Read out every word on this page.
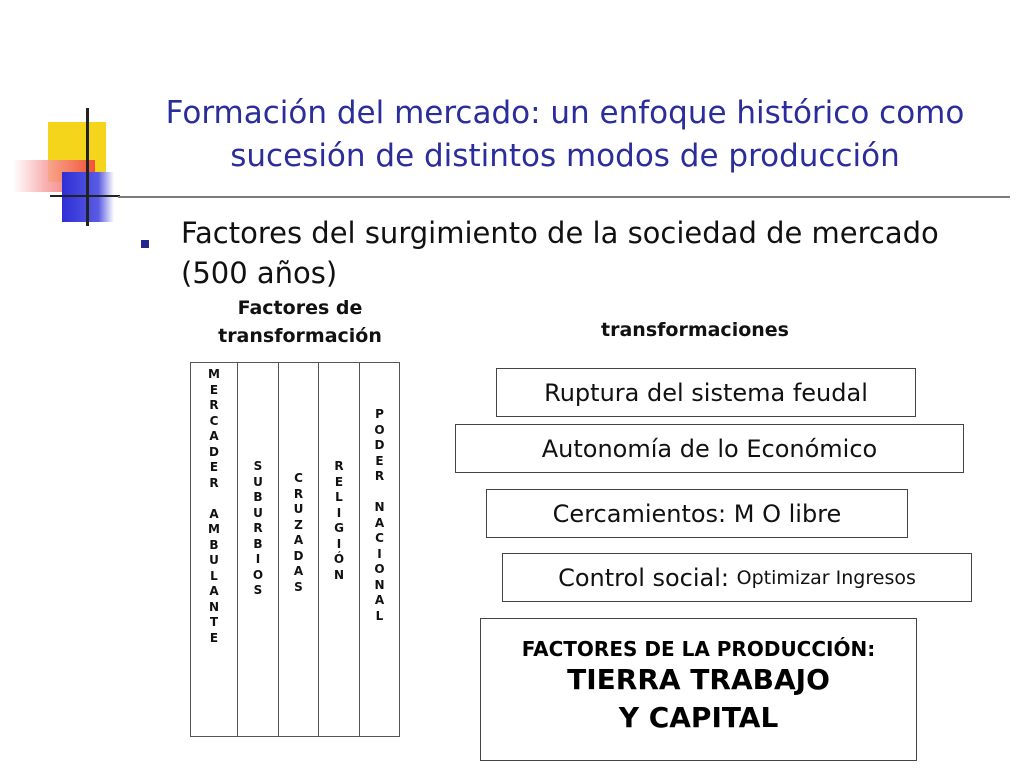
Formación del mercado: un enfoque histórico como sucesión de distintos modos de producción
Factores del surgimiento de la sociedad de mercado (500 años)
Factores de transformación	transformaciones
M
E
R
C
A
D
E
R

A
M
B
U
L
A
N
T
E
S
U
B
U
R
B
I
O
S
C
R
U
Z
A
D
A
S
R
E
L
I
G
I
Ó
N
P
O
D
E
R

N
A
C
I
O
N
A
L
Ruptura del sistema feudal
Autonomía de lo Económico
Cercamientos: M O libre
Control social:
Optimizar Ingresos
FACTORES DE LA PRODUCCIÓN:
TIERRA TRABAJO
Y CAPITAL
